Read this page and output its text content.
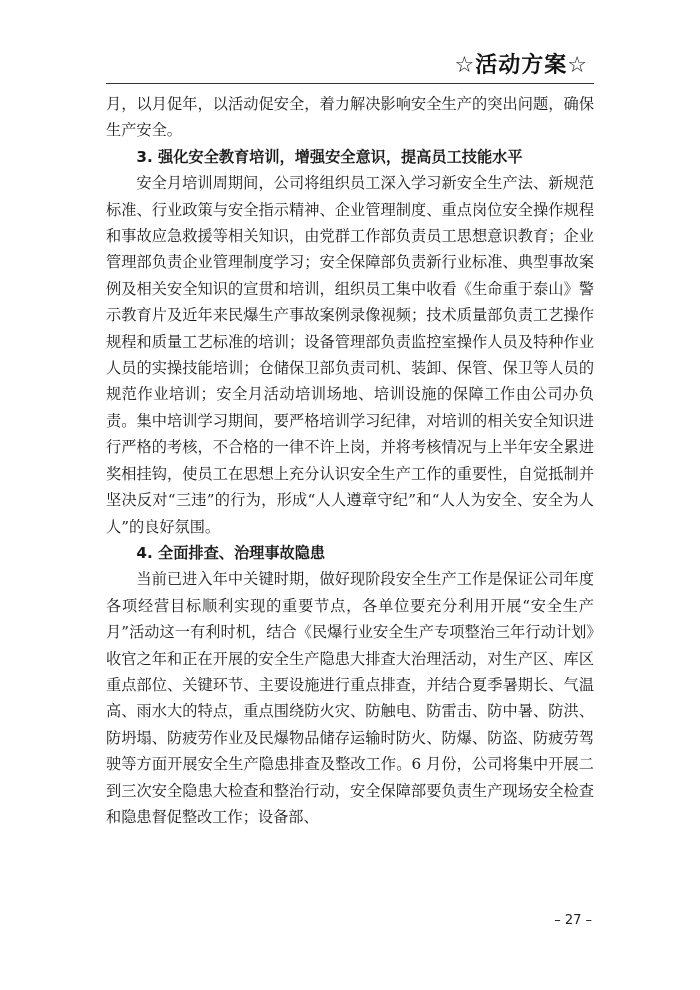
☆活动方案☆

月，以月促年，以活动促安全，着力解决影响安全生产的突出问题，确保生产安全。

3. 强化安全教育培训，增强安全意识，提高员工技能水平

安全月培训周期间，公司将组织员工深入学习新安全生产法、新规范标准、行业政策与安全指示精神、企业管理制度、重点岗位安全操作规程和事故应急救援等相关知识，由党群工作部负责员工思想意识教育；企业管理部负责企业管理制度学习；安全保障部负责新行业标准、典型事故案例及相关安全知识的宣贯和培训，组织员工集中收看《生命重于泰山》警示教育片及近年来民爆生产事故案例录像视频；技术质量部负责工艺操作规程和质量工艺标准的培训；设备管理部负责监控室操作人员及特种作业人员的实操技能培训；仓储保卫部负责司机、装卸、保管、保卫等人员的规范作业培训；安全月活动培训场地、培训设施的保障工作由公司办负责。集中培训学习期间，要严格培训学习纪律，对培训的相关安全知识进行严格的考核，不合格的一律不许上岗，并将考核情况与上半年安全累进奖相挂钩，使员工在思想上充分认识安全生产工作的重要性，自觉抵制并坚决反对“三违”的行为，形成“人人遵章守纪”和“人人为安全、安全为人人”的良好氛围。

4. 全面排查、治理事故隐患

当前已进入年中关键时期，做好现阶段安全生产工作是保证公司年度各项经营目标顺利实现的重要节点，各单位要充分利用开展“安全生产月”活动这一有利时机，结合《民爆行业安全生产专项整治三年行动计划》收官之年和正在开展的安全生产隐患大排查大治理活动，对生产区、库区重点部位、关键环节、主要设施进行重点排查，并结合夏季暑期长、气温高、雨水大的特点，重点围绕防火灾、防触电、防雷击、防中暑、防洪、防坍塌、防疲劳作业及民爆物品储存运输时防火、防爆、防盗、防疲劳驾驶等方面开展安全生产隐患排查及整改工作。6 月份，公司将集中开展二到三次安全隐患大检查和整治行动，安全保障部要负责生产现场安全检查和隐患督促整改工作；设备部、

– 27 –
